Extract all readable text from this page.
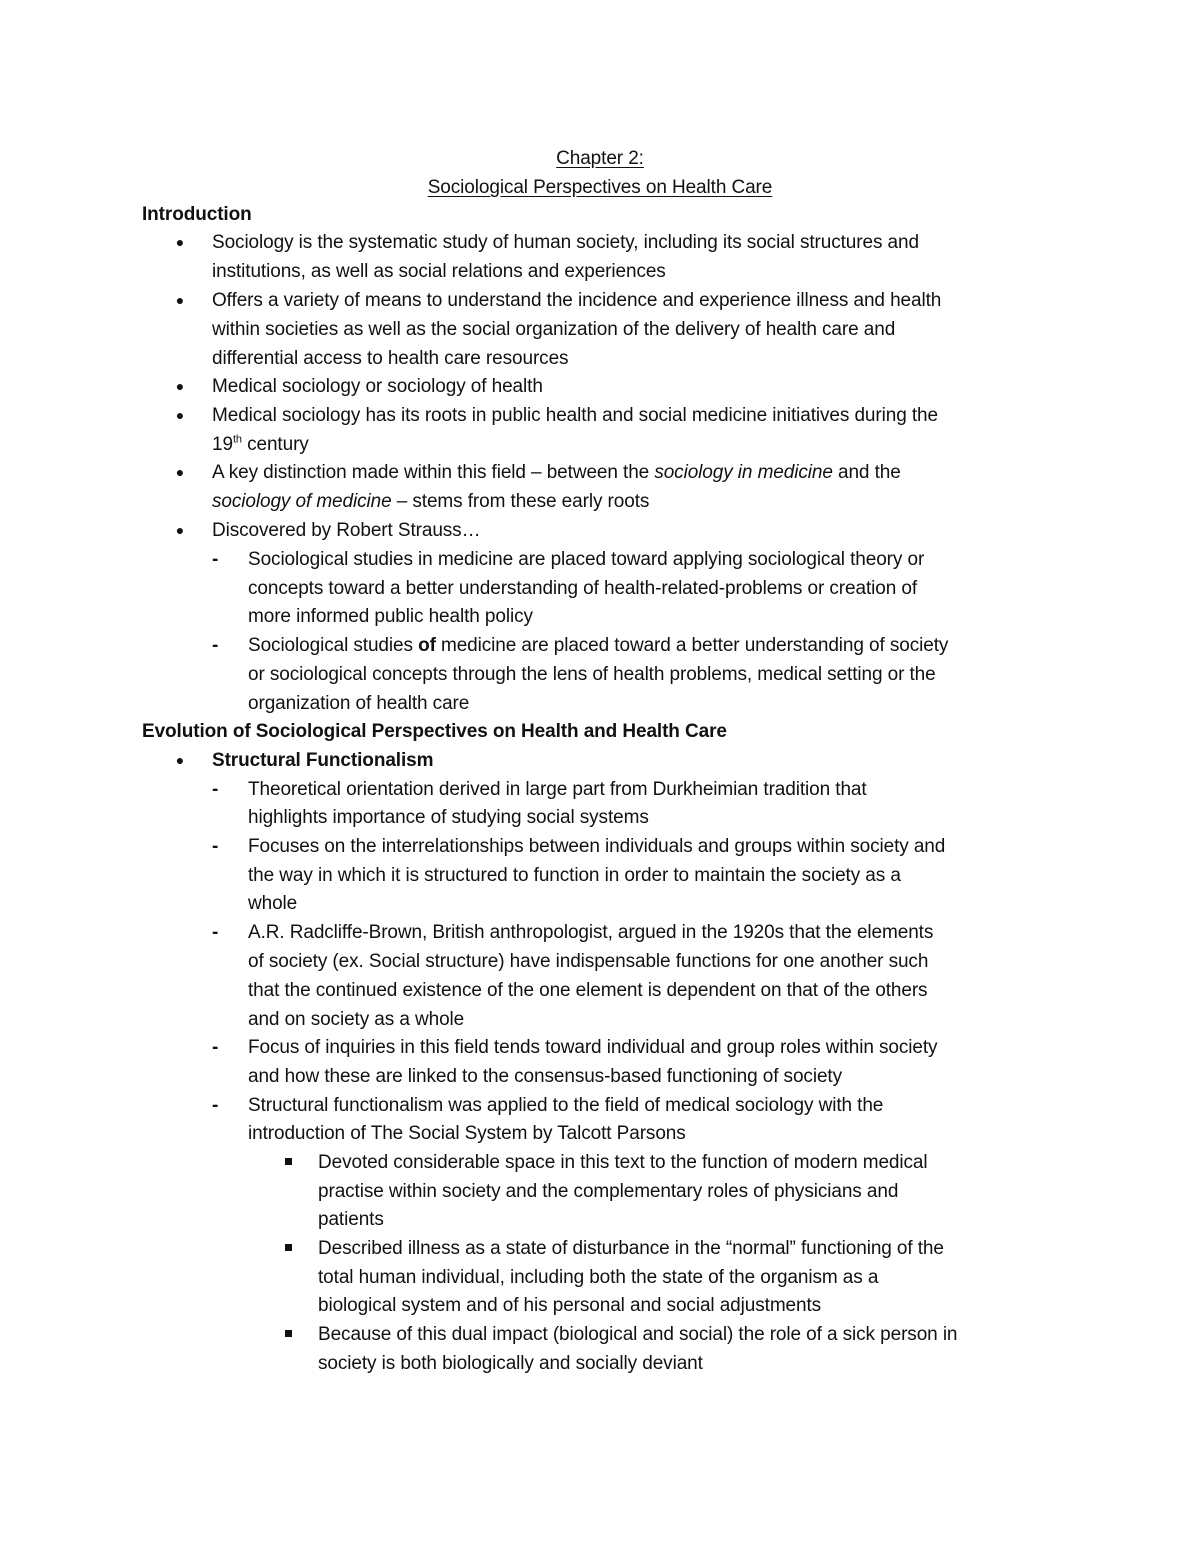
Chapter 2:
Sociological Perspectives on Health Care
Introduction
● Sociology is the systematic study of human society, including its social structures and
institutions, as well as social relations and experiences
● Offers a variety of means to understand the incidence and experience illness and health
within societies as well as the social organization of the delivery of health care and
differential access to health care resources
● Medical sociology or sociology of health
● Medical sociology has its roots in public health and social medicine initiatives during the
19th century
● A key distinction made within this field – between the sociology in medicine and the
sociology of medicine – stems from these early roots
● Discovered by Robert Strauss…
- Sociological studies in medicine are placed toward applying sociological theory or
concepts toward a better understanding of health-related-problems or creation of
more informed public health policy
- Sociological studies of medicine are placed toward a better understanding of society
or sociological concepts through the lens of health problems, medical setting or the
organization of health care
Evolution of Sociological Perspectives on Health and Health Care
● Structural Functionalism
- Theoretical orientation derived in large part from Durkheimian tradition that
highlights importance of studying social systems
- Focuses on the interrelationships between individuals and groups within society and
the way in which it is structured to function in order to maintain the society as a
whole
- A.R. Radcliffe-Brown, British anthropologist, argued in the 1920s that the elements
of society (ex. Social structure) have indispensable functions for one another such
that the continued existence of the one element is dependent on that of the others
and on society as a whole
- Focus of inquiries in this field tends toward individual and group roles within society
and how these are linked to the consensus-based functioning of society
- Structural functionalism was applied to the field of medical sociology with the
introduction of The Social System by Talcott Parsons
Devoted considerable space in this text to the function of modern medical
practise within society and the complementary roles of physicians and
patients
Described illness as a state of disturbance in the “normal” functioning of the
total human individual, including both the state of the organism as a
biological system and of his personal and social adjustments
Because of this dual impact (biological and social) the role of a sick person in
society is both biologically and socially deviant
